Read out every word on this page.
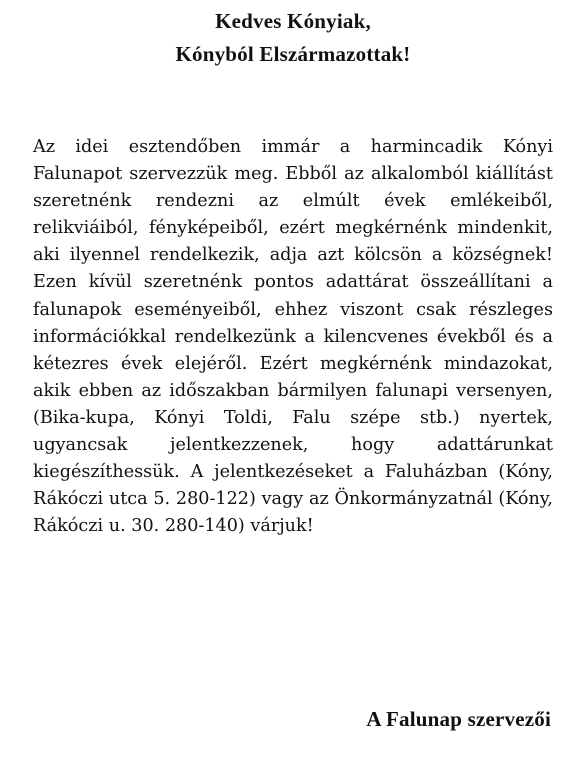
Kedves Kónyiak,
Kónyból Elszármazottak!
Az idei esztendőben immár a harmincadik Kónyi Falunapot szervezzük meg. Ebből az alkalomból kiállítást szeretnénk rendezni az elmúlt évek emlékeiből, relikviáiból, fényképeiből, ezért megkérnénk mindenkit, aki ilyennel rendelkezik, adja azt kölcsön a községnek! Ezen kívül szeretnénk pontos adattárat összeállítani a falunapok eseményeiből, ehhez viszont csak részleges információkkal rendelkezünk a kilencvenes évekből és a kétezres évek elejéről. Ezért megkérnénk mindazokat, akik ebben az időszakban bármilyen falunapi versenyen, (Bika-kupa, Kónyi Toldi, Falu szépe stb.) nyertek, ugyancsak jelentkezzenek, hogy adattárunkat kiegészíthessük. A jelentkezéseket a Faluházban (Kóny, Rákóczi utca 5. 280-122) vagy az Önkormányzatnál (Kóny, Rákóczi u. 30. 280-140) várjuk!
A Falunap szervezői
